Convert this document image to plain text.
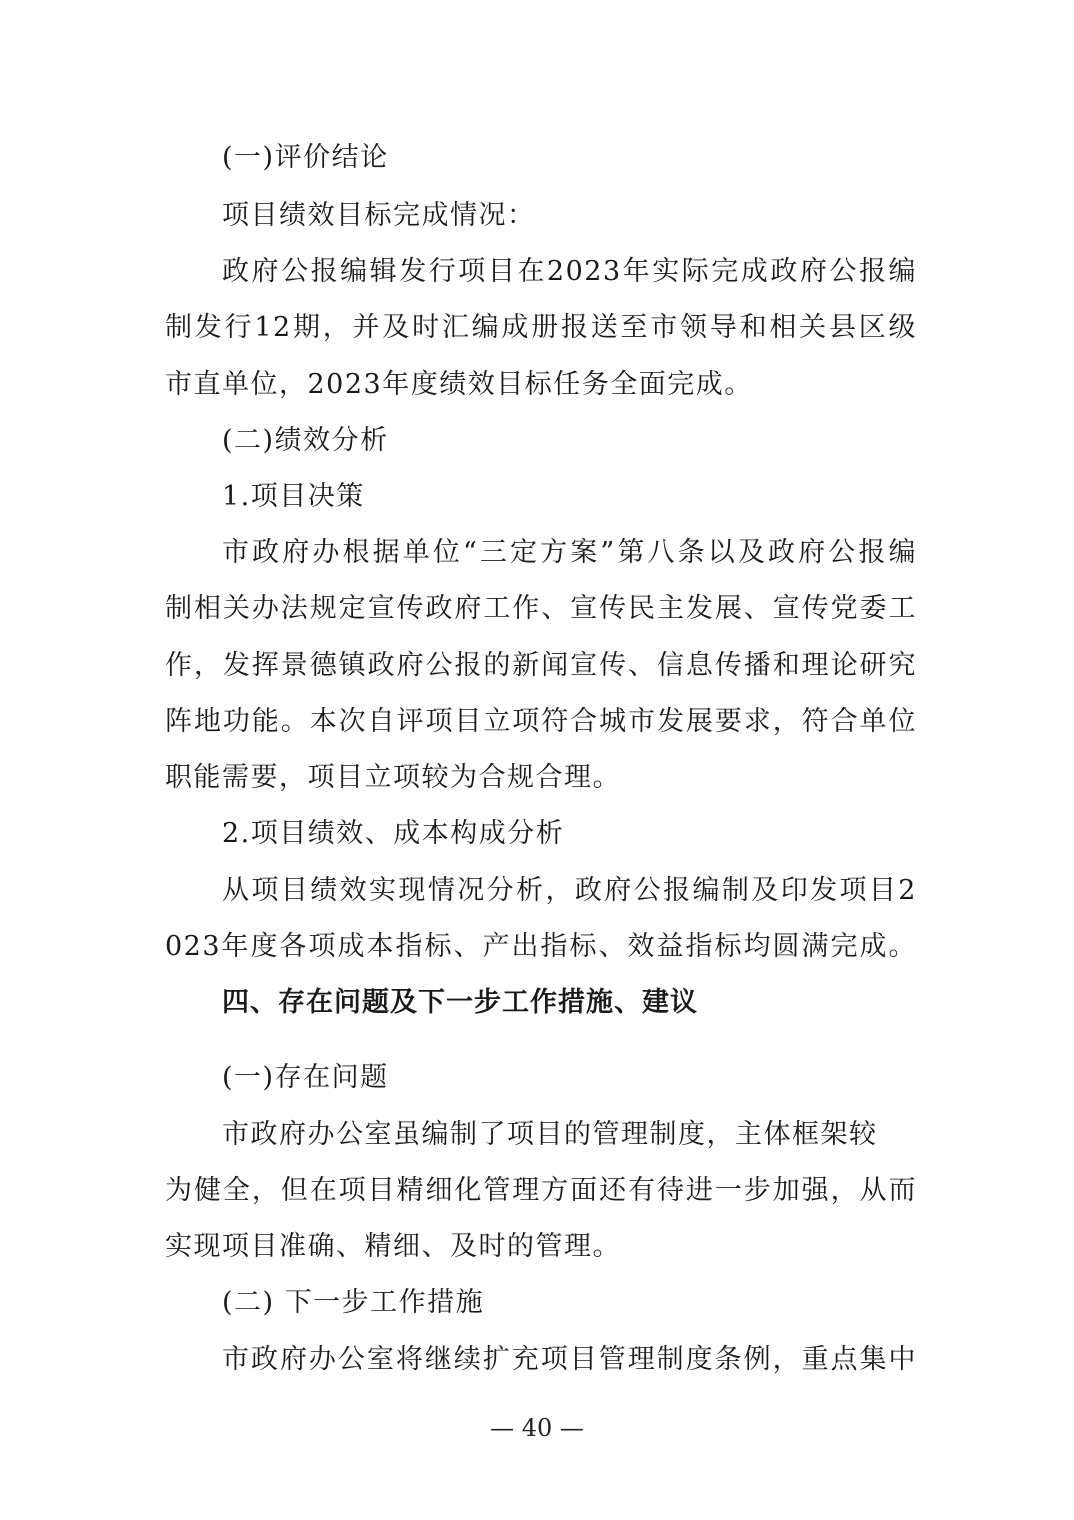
(一)评价结论
项目绩效目标完成情况：
政府公报编辑发行项目在2023年实际完成政府公报编
制发行12期，并及时汇编成册报送至市领导和相关县区级
市直单位，2023年度绩效目标任务全面完成。
(二)绩效分析
1.项目决策
市政府办根据单位“三定方案”第八条以及政府公报编
制相关办法规定宣传政府工作、宣传民主发展、宣传党委工
作，发挥景德镇政府公报的新闻宣传、信息传播和理论研究
阵地功能。本次自评项目立项符合城市发展要求，符合单位
职能需要，项目立项较为合规合理。
2.项目绩效、成本构成分析
从项目绩效实现情况分析，政府公报编制及印发项目2
023年度各项成本指标、产出指标、效益指标均圆满完成。
四、存在问题及下一步工作措施、建议
(一)存在问题
市政府办公室虽编制了项目的管理制度，主体框架较
为健全，但在项目精细化管理方面还有待进一步加强，从而
实现项目准确、精细、及时的管理。
(二) 下一步工作措施
市政府办公室将继续扩充项目管理制度条例，重点集中
— 40 —
